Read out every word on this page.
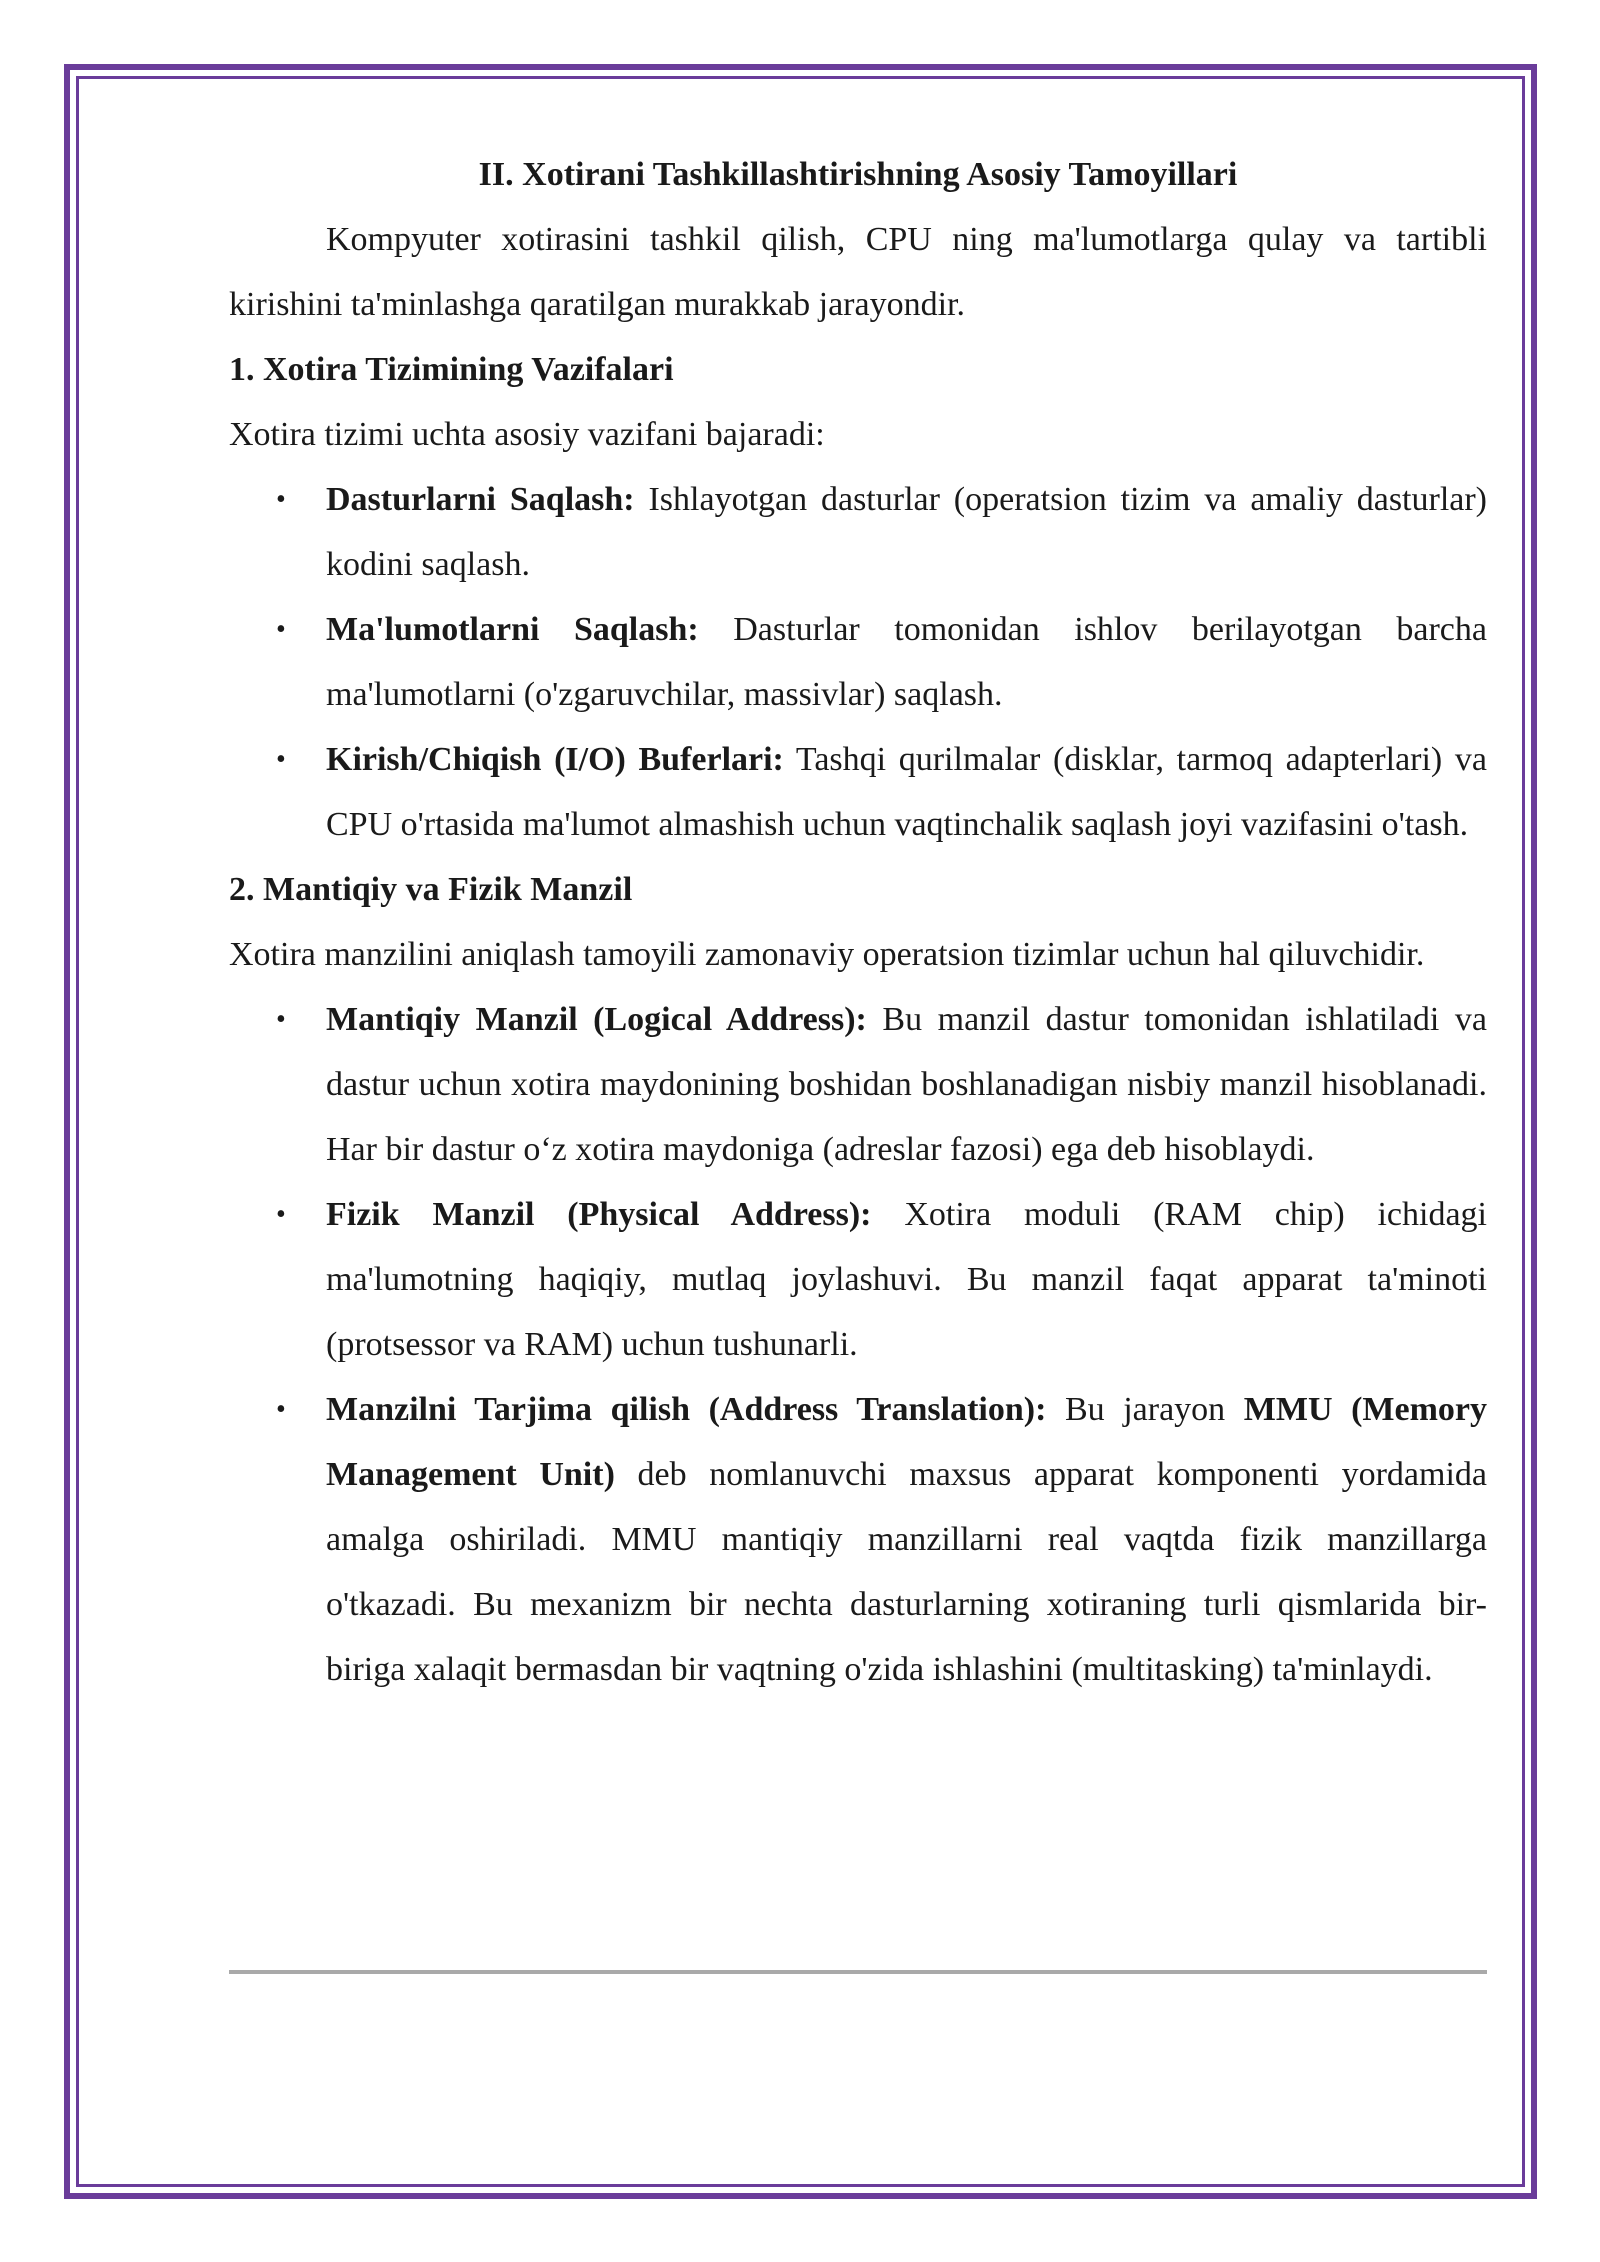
II. Xotirani Tashkillashtirishning Asosiy Tamoyillari

Kompyuter xotirasini tashkil qilish, CPU ning ma'lumotlarga qulay va tartibli kirishini ta'minlashga qaratilgan murakkab jarayondir.

1. Xotira Tizimining Vazifalari

Xotira tizimi uchta asosiy vazifani bajaradi:

• Dasturlarni Saqlash: Ishlayotgan dasturlar (operatsion tizim va amaliy dasturlar) kodini saqlash.
• Ma'lumotlarni Saqlash: Dasturlar tomonidan ishlov berilayotgan barcha ma'lumotlarni (o'zgaruvchilar, massivlar) saqlash.
• Kirish/Chiqish (I/O) Buferlari: Tashqi qurilmalar (disklar, tarmoq adapterlari) va CPU o'rtasida ma'lumot almashish uchun vaqtinchalik saqlash joyi vazifasini o'tash.

2. Mantiqiy va Fizik Manzil

Xotira manzilini aniqlash tamoyili zamonaviy operatsion tizimlar uchun hal qiluvchidir.

• Mantiqiy Manzil (Logical Address): Bu manzil dastur tomonidan ishlatiladi va dastur uchun xotira maydonining boshidan boshlanadigan nisbiy manzil hisoblanadi. Har bir dastur o‘z xotira maydoniga (adreslar fazosi) ega deb hisoblaydi.
• Fizik Manzil (Physical Address): Xotira moduli (RAM chip) ichidagi ma'lumotning haqiqiy, mutlaq joylashuvi. Bu manzil faqat apparat ta'minoti (protsessor va RAM) uchun tushunarli.
• Manzilni Tarjima qilish (Address Translation): Bu jarayon MMU (Memory Management Unit) deb nomlanuvchi maxsus apparat komponenti yordamida amalga oshiriladi. MMU mantiqiy manzillarni real vaqtda fizik manzillarga o'tkazadi. Bu mexanizm bir nechta dasturlarning xotiraning turli qismlarida bir-biriga xalaqit bermasdan bir vaqtning o'zida ishlashini (multitasking) ta'minlaydi.
